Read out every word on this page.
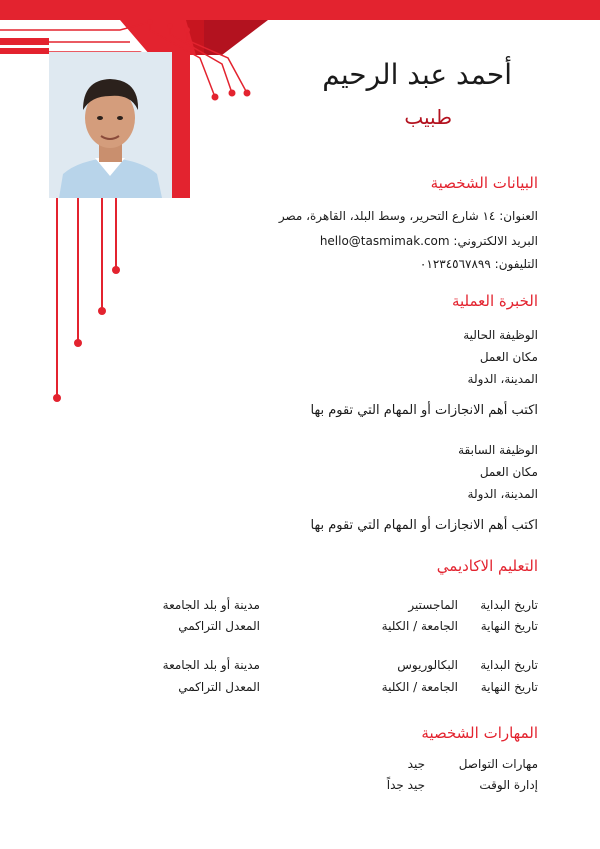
أحمد عبد الرحيم
طبيب
البيانات الشخصية
العنوان: ١٤ شارع التحرير، وسط البلد، القاهرة، مصر
البريد الالكتروني: hello@tasmimak.com
التليفون: ٠١٢٣٤٥٦٧٨٩٩
الخبرة العملية
الوظيفة الحالية
مكان العمل
المدينة، الدولة
اكتب أهم الانجازات أو المهام التي تقوم بها
الوظيفة السابقة
مكان العمل
المدينة، الدولة
اكتب أهم الانجازات أو المهام التي تقوم بها
التعليم الاكاديمي
تاريخ البداية
تاريخ النهاية
الماجستير
الجامعة / الكلية
مدينة أو بلد الجامعة
المعدل التراكمي
تاريخ البداية
تاريخ النهاية
البكالوريوس
الجامعة / الكلية
مدينة أو بلد الجامعة
المعدل التراكمي
المهارات الشخصية
مهارات التواصل
جيد
إدارة الوقت
جيد جداً
